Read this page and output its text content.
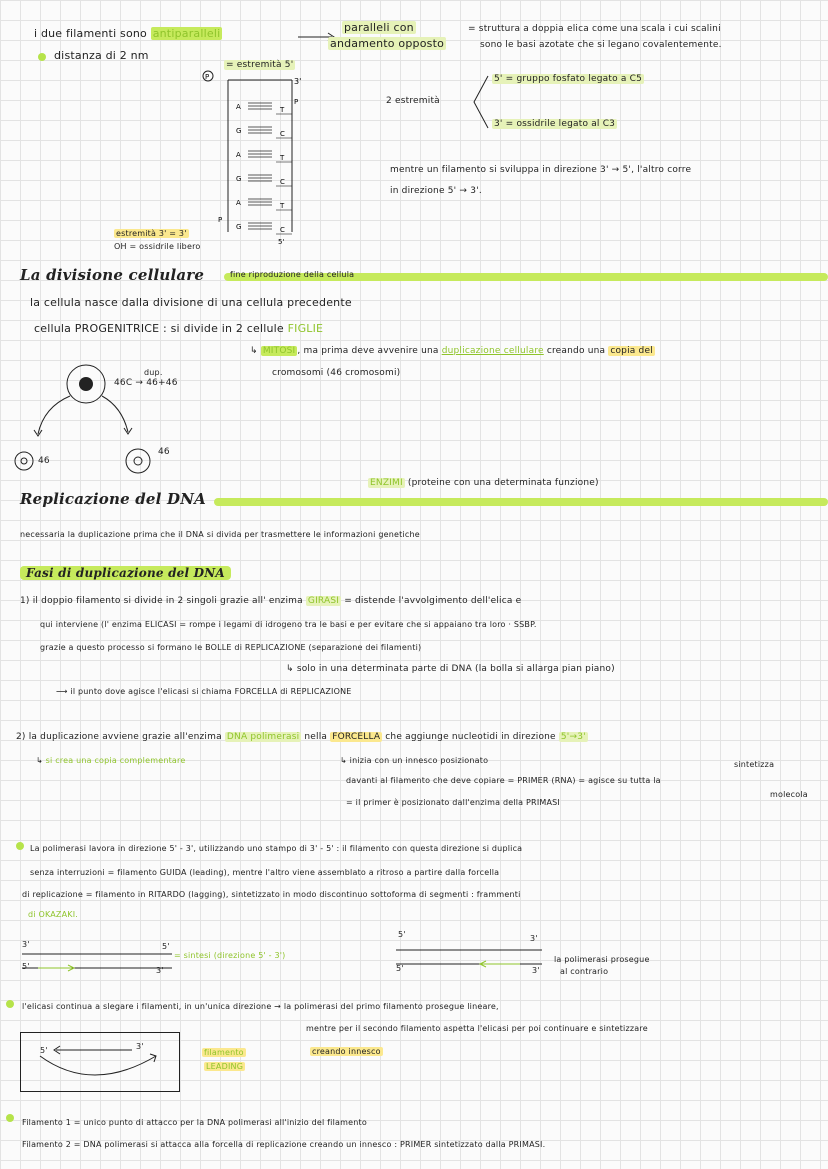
i due filamenti sono antiparalleli
distanza di 2 nm
paralleli con
andamento opposto
= struttura a doppia elica come una scala i cui scalini
sono le basi azotate che si legano covalentemente.
= estremità 5'
P	3'
P
A	T
G	C
A	T
G	C
A	T
G	C
P
5'
estremità 3' = 3'
OH = ossidrile libero
2 estremità
5' = gruppo fosfato legato a C5
3' = ossidrile legato al C3
mentre un filamento si sviluppa in direzione 3' → 5', l'altro corre
in direzione 5' → 3'.
La divisione cellulare	fine riproduzione della cellula
la cellula nasce dalla divisione di una cellula precedente
cellula PROGENITRICE : si divide in 2 cellule FIGLIE
↳ MITOSI , ma prima deve avvenire una duplicazione cellulare creando una copia del
cromosomi (46 cromosomi)
dup.
46C → 46+46
46
46
Replicazione del DNA
ENZIMI (proteine con una determinata funzione)
necessaria la duplicazione prima che il DNA si divida per trasmettere le informazioni genetiche
Fasi di duplicazione del DNA
1) il doppio filamento si divide in 2 singoli grazie all' enzima GIRASI = distende l'avvolgimento dell'elica e
qui interviene (l' enzima ELICASI = rompe i legami di idrogeno tra le basi e per evitare che si appaiano tra loro · SSBP.
grazie a questo processo si formano le BOLLE di REPLICAZIONE (separazione dei filamenti)
↳ solo in una determinata parte di DNA (la bolla si allarga pian piano)
⟶ il punto dove agisce l'elicasi si chiama FORCELLA di REPLICAZIONE
2) la duplicazione avviene grazie all'enzima DNA polimerasi nella FORCELLA che aggiunge nucleotidi in direzione 5'→3'
↳ si crea una copia complementare	↳ inizia con un innesco posizionato	sintetizza
davanti al filamento che deve copiare = PRIMER (RNA) = agisce su tutta la
molecola
= il primer è posizionato dall'enzima della PRIMASI
La polimerasi lavora in direzione 5' - 3', utilizzando uno stampo di 3' - 5' : il filamento con questa direzione si duplica
senza interruzioni = filamento GUIDA (leading), mentre l'altro viene assemblato a ritroso a partire dalla forcella
di replicazione = filamento in RITARDO (lagging), sintetizzato in modo discontinuo sottoforma di segmenti : frammenti
di OKAZAKI.
3'	5'
5'	3'
= sintesi (direzione 5' - 3')
5'	3'
5'	3'
la polimerasi prosegue
al contrario
l'elicasi continua a slegare i filamenti, in un'unica direzione → la polimerasi del primo filamento prosegue lineare,
mentre per il secondo filamento aspetta l'elicasi per poi continuare e sintetizzare
creando innesco
5'	3'
filamento
LEADING
Filamento 1 = unico punto di attacco per la DNA polimerasi all'inizio del filamento
Filamento 2 = DNA polimerasi si attacca alla forcella di replicazione creando un innesco : PRIMER sintetizzato dalla PRIMASI.
